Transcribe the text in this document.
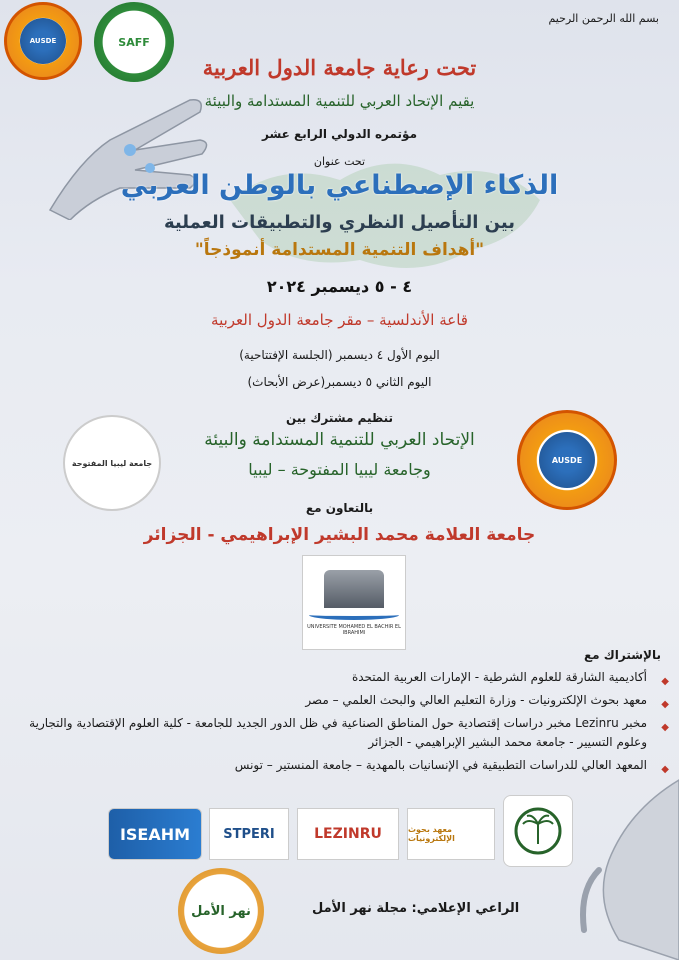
AUSDE	SAFF
بسم الله الرحمن الرحيم
تحت رعاية جامعة الدول العربية
يقيم الإتحاد العربي للتنمية المستدامة والبيئة
مؤتمره الدولي الرابع عشر
تحت عنوان
الذكاء الإصطناعي بالوطن العربي
بين التأصيل النظري والتطبيقات العملية
"أهداف التنمية المستدامة أنموذجاً"
٤ - ٥ ديسمبر ٢٠٢٤
قاعة الأندلسية – مقر جامعة الدول العربية
اليوم الأول ٤ ديسمبر (الجلسة الإفتتاحية)
اليوم الثاني ٥ ديسمبر(عرض الأبحاث)
جامعة ليبيا المفتوحة	AUSDE
تنظيم مشترك بين
الإتحاد العربي للتنمية المستدامة والبيئة
وجامعة ليبيا المفتوحة – ليبيا
بالتعاون مع
جامعة العلامة محمد البشير الإبراهيمي - الجزائر
UNIVERSITE MOHAMED EL BACHIR EL IBRAHIMI
بالإشتراك مع
◆
أكاديمية الشارقة للعلوم الشرطية - الإمارات العربية المتحدة
◆
معهد بحوث الإلكترونيات - وزارة التعليم العالي والبحث العلمي – مصر
◆
مخبر Lezinru مخبر دراسات إقتصادية حول المناطق الصناعية في ظل الدور الجديد للجامعة - كلية العلوم الإقتصادية والتجارية وعلوم التسيير - جامعة محمد البشير الإبراهيمي - الجزائر
◆
المعهد العالي للدراسات التطبيقية في الإنسانيات بالمهدية – جامعة المنستير – تونس
ISEAHM	STPERI	LEZINRU	معهد بحوث الإلكترونيات
نهر الأمل	الراعي الإعلامي: مجلة نهر الأمل
